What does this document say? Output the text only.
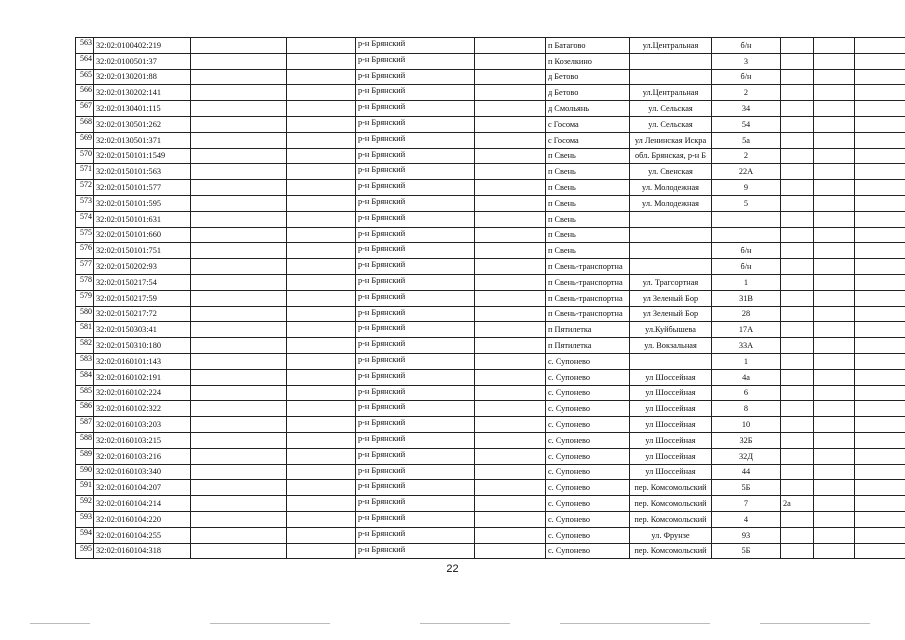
563	32:02:0100402:219			р-н Брянский		п Батагово	ул.Центральная	б/н			
564	32:02:0100501:37			р-н Брянский		п Козелкино		3			
565	32:02:0130201:88			р-н Брянский		д Бетово		б/н			
566	32:02:0130202:141			р-н Брянский		д Бетово	ул.Центральная	2			
567	32:02:0130401:115			р-н Брянский		д Смольянь	ул. Сельская	34			
568	32:02:0130501:262			р-н Брянский		с Госома	ул. Сельская	54			
569	32:02:0130501:371			р-н Брянский		с Госома	ул Ленинская Искра	5а			
570	32:02:0150101:1549			р-н Брянский		п Свень	обл. Брянская, р-н Б	2			
571	32:02:0150101:563			р-н Брянский		п Свень	ул. Свенская	22А			
572	32:02:0150101:577			р-н Брянский		п Свень	ул. Молодежная	9			
573	32:02:0150101:595			р-н Брянский		п Свень	ул. Молодежная	5			
574	32:02:0150101:631			р-н Брянский		п Свень					
575	32:02:0150101:660			р-н Брянский		п Свень					
576	32:02:0150101:751			р-н Брянский		п Свень		б/н			
577	32:02:0150202:93			р-н Брянский		п Свень-транспортна		б/н			
578	32:02:0150217:54			р-н Брянский		п Свень-транспортна	ул. Трагсортная	1			
579	32:02:0150217:59			р-н Брянский		п Свень-транспортна	ул Зеленый Бор	31В			
580	32:02:0150217:72			р-н Брянский		п Свень-транспортна	ул Зеленый Бор	28			
581	32:02:0150303:41			р-н Брянский		п Пятилетка	ул.Куйбышева	17А			
582	32:02:0150310:180			р-н Брянский		п Пятилетка	ул. Вокзальная	33А			
583	32:02:0160101:143			р-н Брянский		с. Супонево		1			
584	32:02:0160102:191			р-н Брянский		с. Супонево	ул Шоссейная	4а			
585	32:02:0160102:224			р-н Брянский		с. Супонево	ул Шоссейная	6			
586	32:02:0160102:322			р-н Брянский		с. Супонево	ул Шоссейная	8			
587	32:02:0160103:203			р-н Брянский		с. Супонево	ул Шоссейная	10			
588	32:02:0160103:215			р-н Брянский		с. Супонево	ул Шоссейная	32Б			
589	32:02:0160103:216			р-н Брянский		с. Супонево	ул Шоссейная	32Д			
590	32:02:0160103:340			р-н Брянский		с. Супонево	ул Шоссейная	44			
591	32:02:0160104:207			р-н Брянский		с. Супонево	пер. Комсомольский	5Б			
592	32:02:0160104:214			р-н Брянский		с. Супонево	пер. Комсомольский	7	2а		
593	32:02:0160104:220			р-н Брянский		с. Супонево	пер. Комсомольский	4			
594	32:02:0160104:255			р-н Брянский		с. Супонево	ул. Фрунзе	93			
595	32:02:0160104:318			р-н Брянский		с. Супонево	пер. Комсомольский	5Б			
22
